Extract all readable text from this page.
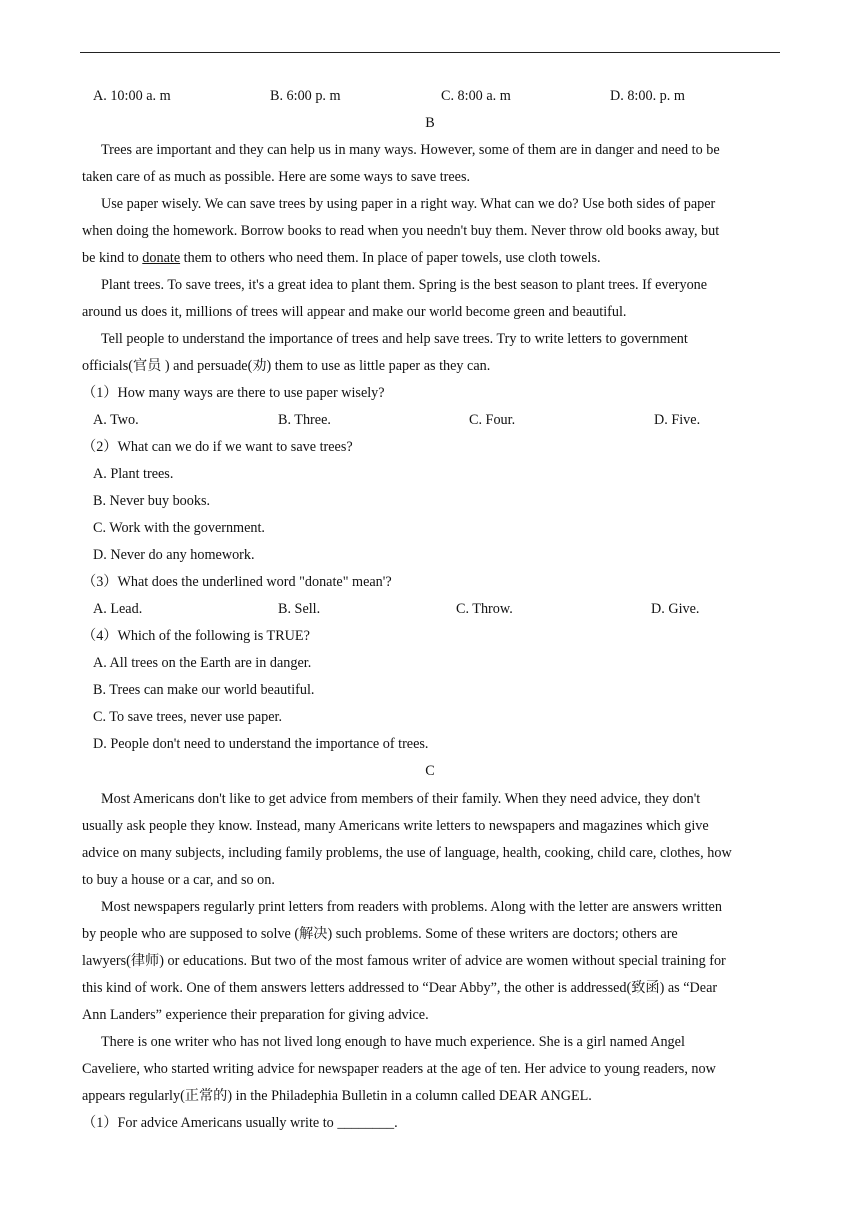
A. 10:00 a. m	B. 6:00 p. m	C. 8:00 a. m	D. 8:00. p. m
B
Trees are important and they can help us in many ways. However, some of them are in danger and need to be
taken care of as much as possible. Here are some ways to save trees.
Use paper wisely. We can save trees by using paper in a right way. What can we do? Use both sides of paper
when doing the homework. Borrow books to read when you needn't buy them. Never throw old books away, but
be kind to donate them to others who need them. In place of paper towels, use cloth towels.
Plant trees. To save trees, it's a great idea to plant them. Spring is the best season to plant trees. If everyone
around us does it, millions of trees will appear and make our world become green and beautiful.
Tell people to understand the importance of trees and help save trees. Try to write letters to government
officials(官员 ) and persuade(劝) them to use as little paper as they can.
（1）How many ways are there to use paper wisely?
A. Two.	B. Three.	C. Four.	D. Five.
（2）What can we do if we want to save trees?
A. Plant trees.
B. Never buy books.
C. Work with the government.
D. Never do any homework.
（3）What does the underlined word "donate" mean'?
A. Lead.	B. Sell.	C. Throw.	D. Give.
（4）Which of the following is TRUE?
A. All trees on the Earth are in danger.
B. Trees can make our world beautiful.
C. To save trees, never use paper.
D. People don't need to understand the importance of trees.
C
Most Americans don't like to get advice from members of their family. When they need advice, they don't
usually ask people they know. Instead, many Americans write letters to newspapers and magazines which give
advice on many subjects, including family problems, the use of language, health, cooking, child care, clothes, how
to buy a house or a car, and so on.
Most newspapers regularly print letters from readers with problems. Along with the letter are answers written
by people who are supposed to solve (解决) such problems. Some of these writers are doctors; others are
lawyers(律师) or educations. But two of the most famous writer of advice are women without special training for
this kind of work. One of them answers letters addressed to “Dear Abby”, the other is addressed(致函) as “Dear
Ann Landers” experience their preparation for giving advice.
There is one writer who has not lived long enough to have much experience. She is a girl named Angel
Caveliere, who started writing advice for newspaper readers at the age of ten. Her advice to young readers, now
appears regularly(正常的) in the Philadephia Bulletin in a column called DEAR ANGEL.
（1）For advice Americans usually write to ________.
